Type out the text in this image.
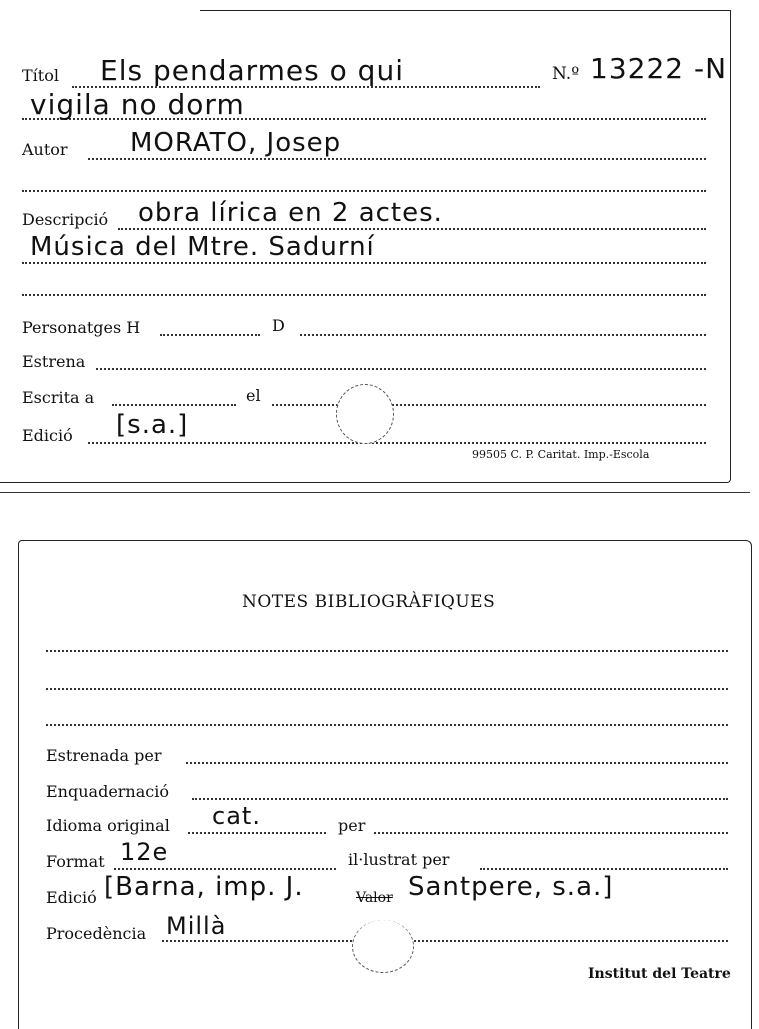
Títol Els pendarmes o qui	N.º 13222 -N
vigila no dorm
Autor MORATO, Josep
Descripció obra lírica en 2 actes.
Música del Mtre. Sadurní
Personatges H	D
Estrena
Escrita a	el
Edició [s.a.]
99505 C. P. Caritat. Imp.-Escola
NOTES BIBLIOGRÀFIQUES
Estrenada per
Enquadernació
Idioma original cat.	per
Format 12e	il·lustrat per
Edició [Barna, imp. J.	Valor Santpere, s.a.]
Procedència Millà
Institut del Teatre
